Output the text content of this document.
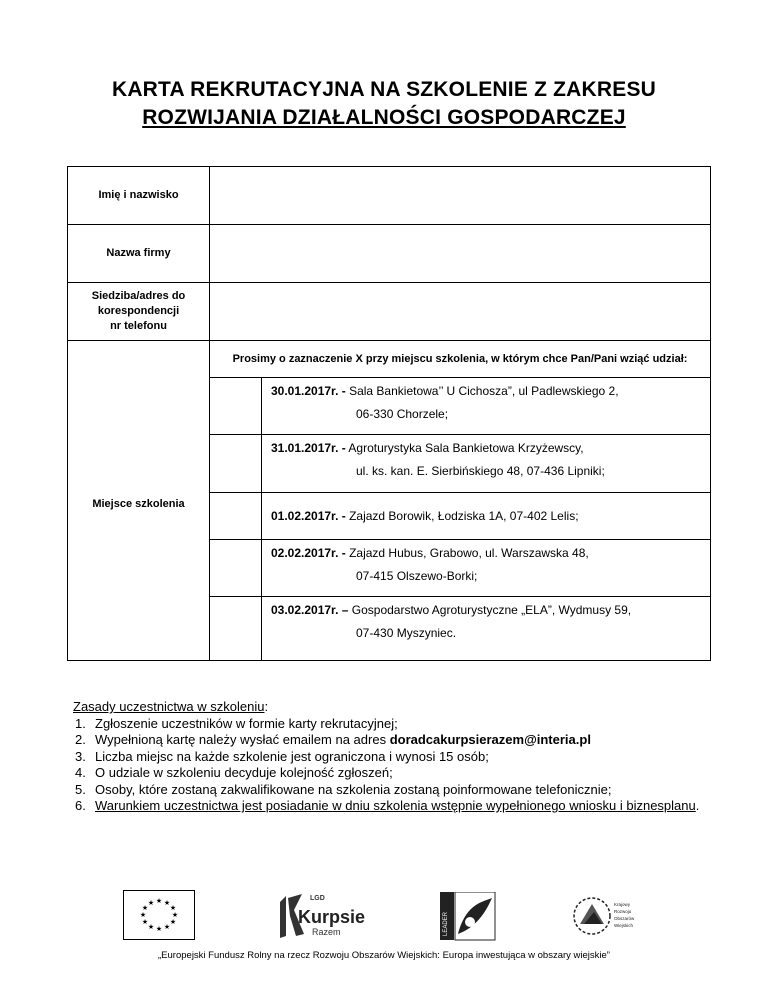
KARTA REKRUTACYJNA NA SZKOLENIE Z ZAKRESU
ROZWIJANIA DZIAŁALNOŚCI GOSPODARCZEJ
Imię i nazwisko		
Nazwa firmy		

Siedziba/adres do
korespondencji
nr telefonu		

Miejsce szkolenia	Prosimy o zaznaczenie X przy miejscu szkolenia, w którym chce Pan/Pani wziąć udział:	
		30.01.2017r. - Sala Bankietowa’’ U Cichosza”, ul Padlewskiego 2,
06-330 Chorzele;

		31.01.2017r. - Agroturystyka Sala Bankietowa Krzyżewscy,
ul. ks. kan. E. Sierbińskiego 48, 07-436 Lipniki;

		01.02.2017r. - Zajazd Borowik, Łodziska 1A, 07-402 Lelis;
		02.02.2017r. - Zajazd Hubus, Grabowo, ul. Warszawska 48,
07-415 Olszewo-Borki;

		03.02.2017r. – Gospodarstwo Agroturystyczne „ELA”, Wydmusy 59,
07-430 Myszyniec.
Zasady uczestnictwa w szkoleniu:
1. Zgłoszenie uczestników w formie karty rekrutacyjnej;
2. Wypełnioną kartę należy wysłać emailem na adres doradcakurpsierazem@interia.pl
3. Liczba miejsc na każde szkolenie jest ograniczona i wynosi 15 osób;
4. O udziale w szkoleniu decyduje kolejność zgłoszeń;
5. Osoby, które zostaną zakwalifikowane na szkolenia zostaną poinformowane telefonicznie;
6. Warunkiem uczestnictwa jest posiadanie w dniu szkolenia wstępnie wypełnionego wniosku i biznesplanu.
★ ★
★
★
★
★
★
★
★
★
★
★
LGD
Kurpsie
Razem	LEADER
Krajowy
Rozwoju
Obszarów
Wiejskich
„Europejski Fundusz Rolny na rzecz Rozwoju Obszarów Wiejskich: Europa inwestująca w obszary wiejskie”
